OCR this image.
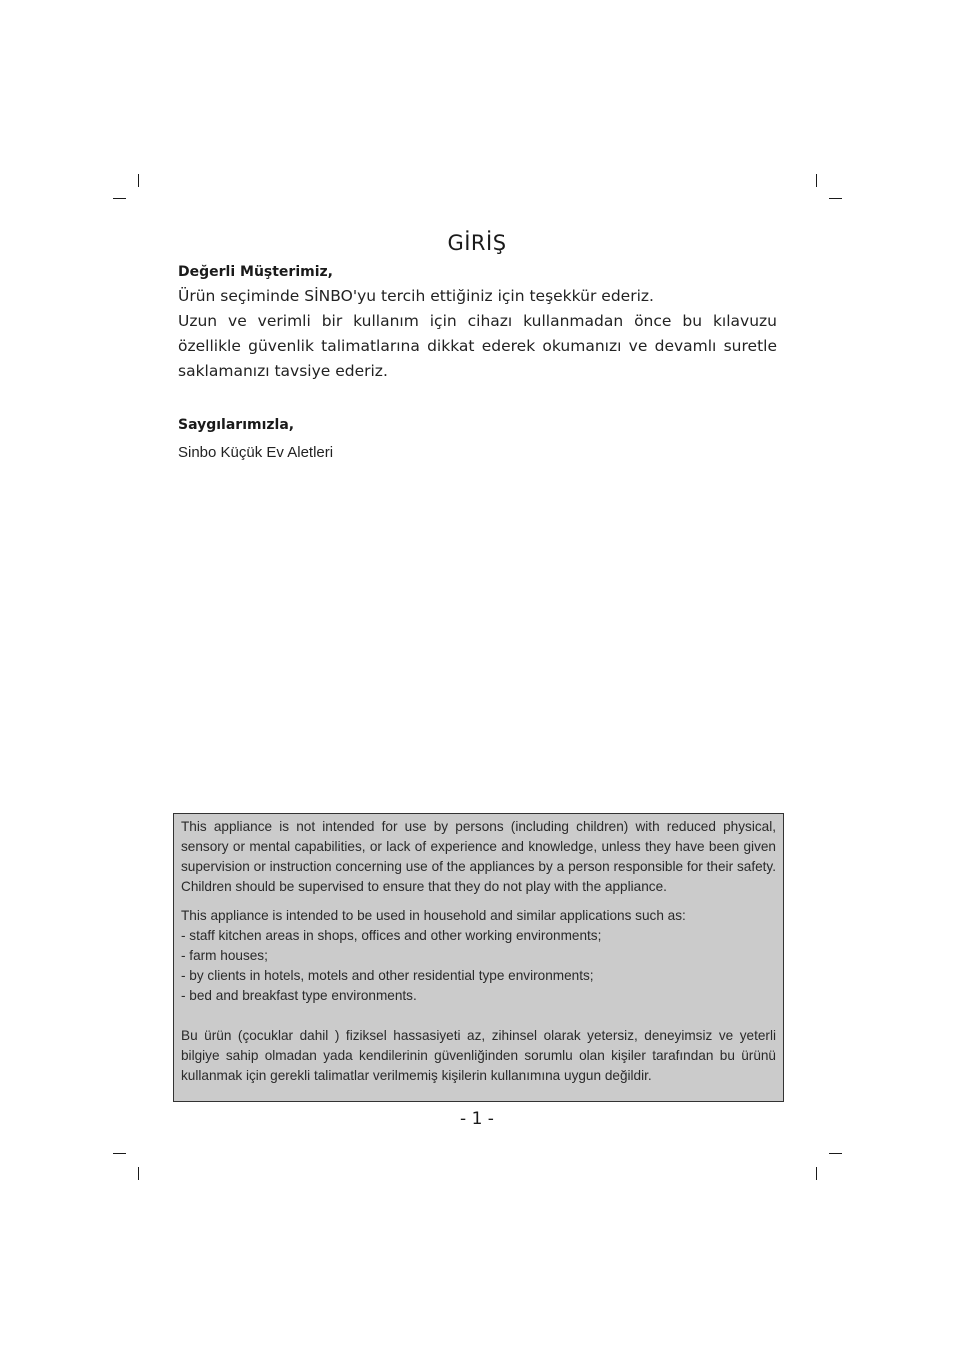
GİRİŞ

Değerli Müşterimiz,

Ürün seçiminde SİNBO'yu tercih ettiğiniz için teşekkür ederiz.

Uzun ve verimli bir kullanım için cihazı kullanmadan önce bu kılavuzu özellikle güvenlik talimatlarına dikkat ederek okumanızı ve devamlı suretle saklamanızı tavsiye ederiz.

Saygılarımızla,

Sinbo Küçük Ev Aletleri

This appliance is not intended for use by persons (including children) with reduced physical, sensory or mental capabilities, or lack of experience and knowledge, unless they have been given supervision or instruction concerning use of the appliances by a person responsible for their safety. Children should be supervised to ensure that they do not play with the appliance.

This appliance is intended to be used in household and similar applications such as:

- staff kitchen areas in shops, offices and other working environments;
- farm houses;
- by clients in hotels, motels and other residential type environments;
- bed and breakfast type environments.

Bu ürün (çocuklar dahil ) fiziksel hassasiyeti az, zihinsel olarak yetersiz, deneyimsiz ve yeterli bilgiye sahip olmadan yada kendilerinin güvenliğinden sorumlu olan kişiler tarafından bu ürünü kullanmak için gerekli talimatlar verilmemiş kişilerin kullanımına uygun değildir.

- 1 -
